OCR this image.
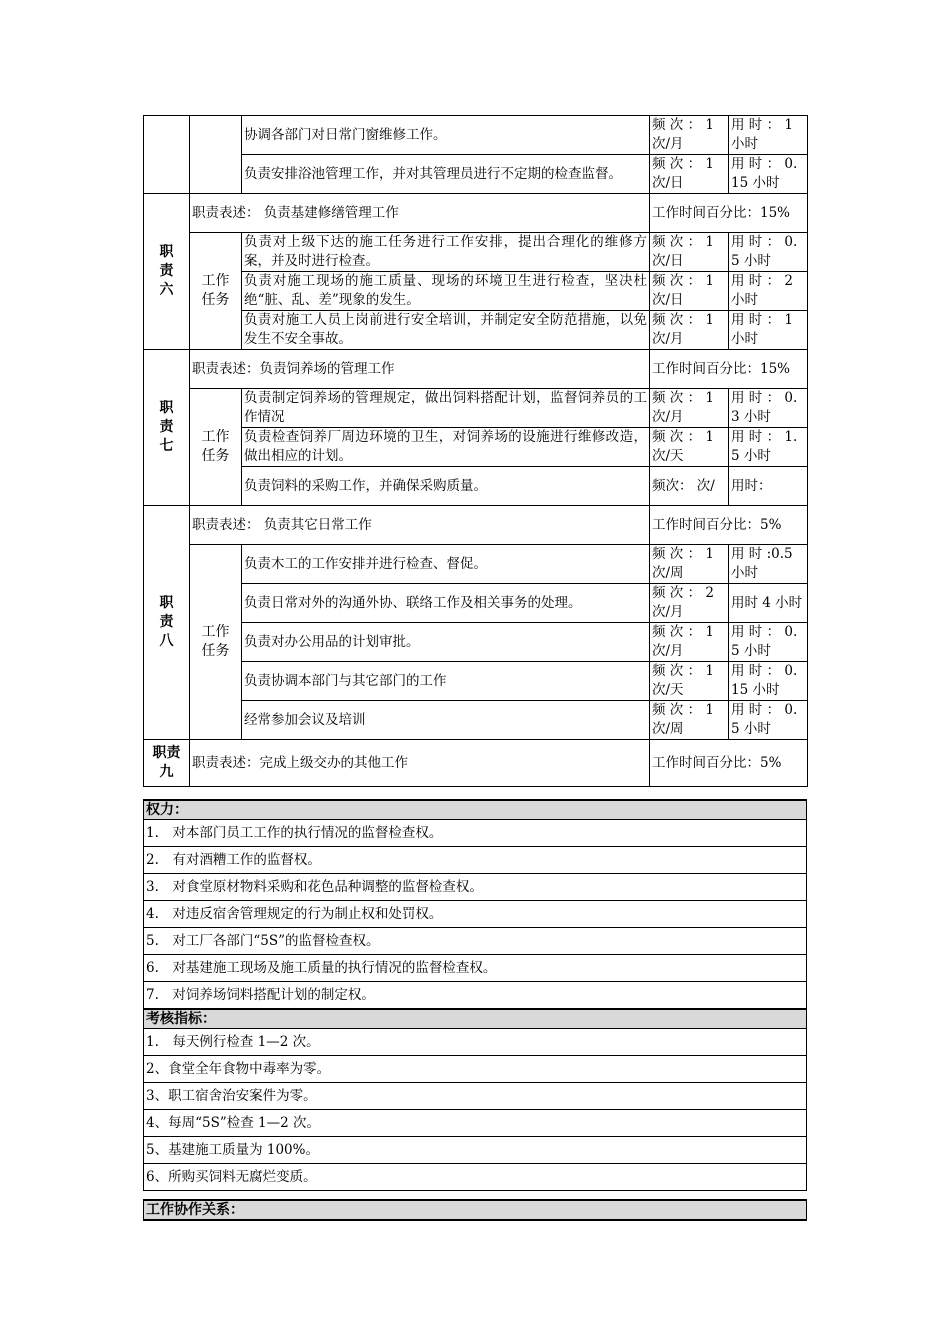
		协调各部门对日常门窗维修工作。	频 次 ： 1 次/月	用 时 ： 1 小时
		负责安排浴池管理工作，并对其管理员进行不定期的检查监督。	频 次 ： 1 次/日	用 时 ： 0.15 小时
职责六	职责表述： 负责基建修缮管理工作		工作时间百分比：15%	
	工作任务	负责对上级下达的施工任务进行工作安排，提出合理化的维修方案，并及时进行检查。	频 次 ： 1 次/日	用 时 ： 0.5 小时
		负责对施工现场的施工质量、现场的环境卫生进行检查，坚决杜绝“脏、乱、差”现象的发生。	频 次 ： 1 次/日	用 时 ： 2 小时
		负责对施工人员上岗前进行安全培训，并制定安全防范措施，以免发生不安全事故。	频 次 ： 1 次/月	用 时 ： 1 小时
职责七	职责表述：负责饲养场的管理工作		工作时间百分比：15%	
	工作任务	负责制定饲养场的管理规定，做出饲料搭配计划，监督饲养员的工作情况	频 次 ： 1 次/月	用 时 ： 0.3 小时
		负责检查饲养厂周边环境的卫生，对饲养场的设施进行维修改造，做出相应的计划。	频 次 ： 1 次/天	用 时 ： 1.5 小时
		负责饲料的采购工作，并确保采购质量。	频次： 次/	用时：
职责八	职责表述： 负责其它日常工作		工作时间百分比：5%	
	工作任务	负责木工的工作安排并进行检查、督促。	频 次 ： 1 次/周	用 时 :0.5 小时
		负责日常对外的沟通外协、联络工作及相关事务的处理。	频 次 ： 2 次/月	用时 4 小时
		负责对办公用品的计划审批。	频 次 ： 1 次/月	用 时 ： 0.5 小时
		负责协调本部门与其它部门的工作	频 次 ： 1 次/天	用 时 ： 0.15 小时
		经常参加会议及培训	频 次 ： 1 次/周	用 时 ： 0.5 小时
职责九	职责表述：完成上级交办的其他工作		工作时间百分比：5%	
权力：
1.　对本部门员工工作的执行情况的监督检查权。
2.　有对酒糟工作的监督权。
3.　对食堂原材物料采购和花色品种调整的监督检查权。
4.　对违反宿舍管理规定的行为制止权和处罚权。
5.　对工厂各部门“5S”的监督检查权。
6.　对基建施工现场及施工质量的执行情况的监督检查权。
7.　对饲养场饲料搭配计划的制定权。
考核指标：
1.　每天例行检查 1—2 次。
2、食堂全年食物中毒率为零。
3、职工宿舍治安案件为零。
4、每周“5S”检查 1—2 次。
5、基建施工质量为 100%。
6、所购买饲料无腐烂变质。
工作协作关系：
